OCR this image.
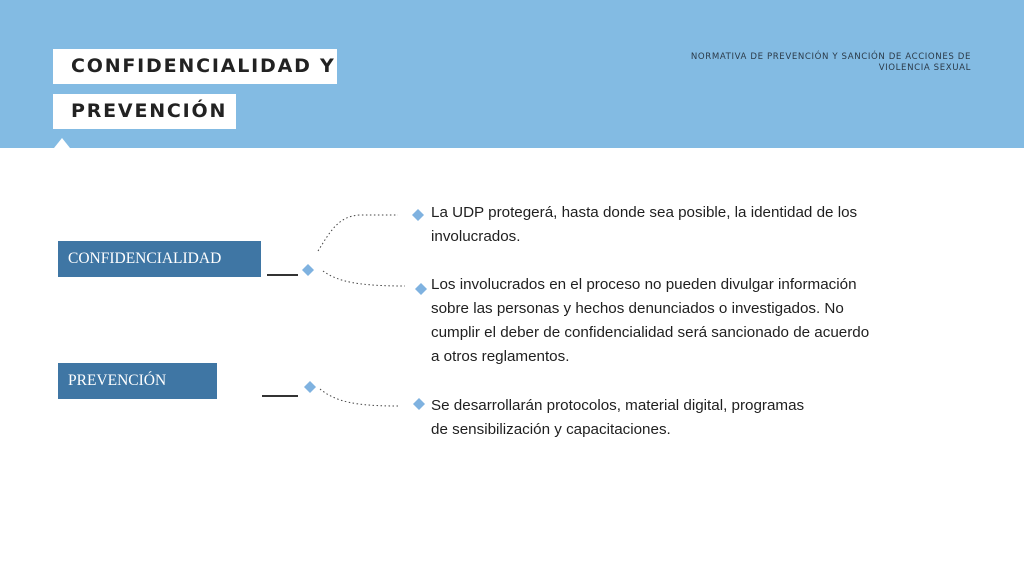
CONFIDENCIALIDAD Y
PREVENCIÓN
NORMATIVA DE PREVENCIÓN Y SANCIÓN DE ACCIONES DE
VIOLENCIA SEXUAL
CONFIDENCIALIDAD
PREVENCIÓN
La UDP protegerá, hasta donde sea posible, la identidad de los
involucrados.
Los involucrados en el proceso no pueden divulgar información
sobre las personas y hechos denunciados o investigados. No
cumplir el deber de confidencialidad será sancionado de acuerdo
a otros reglamentos.
Se desarrollarán protocolos, material digital, programas
de sensibilización y capacitaciones.
